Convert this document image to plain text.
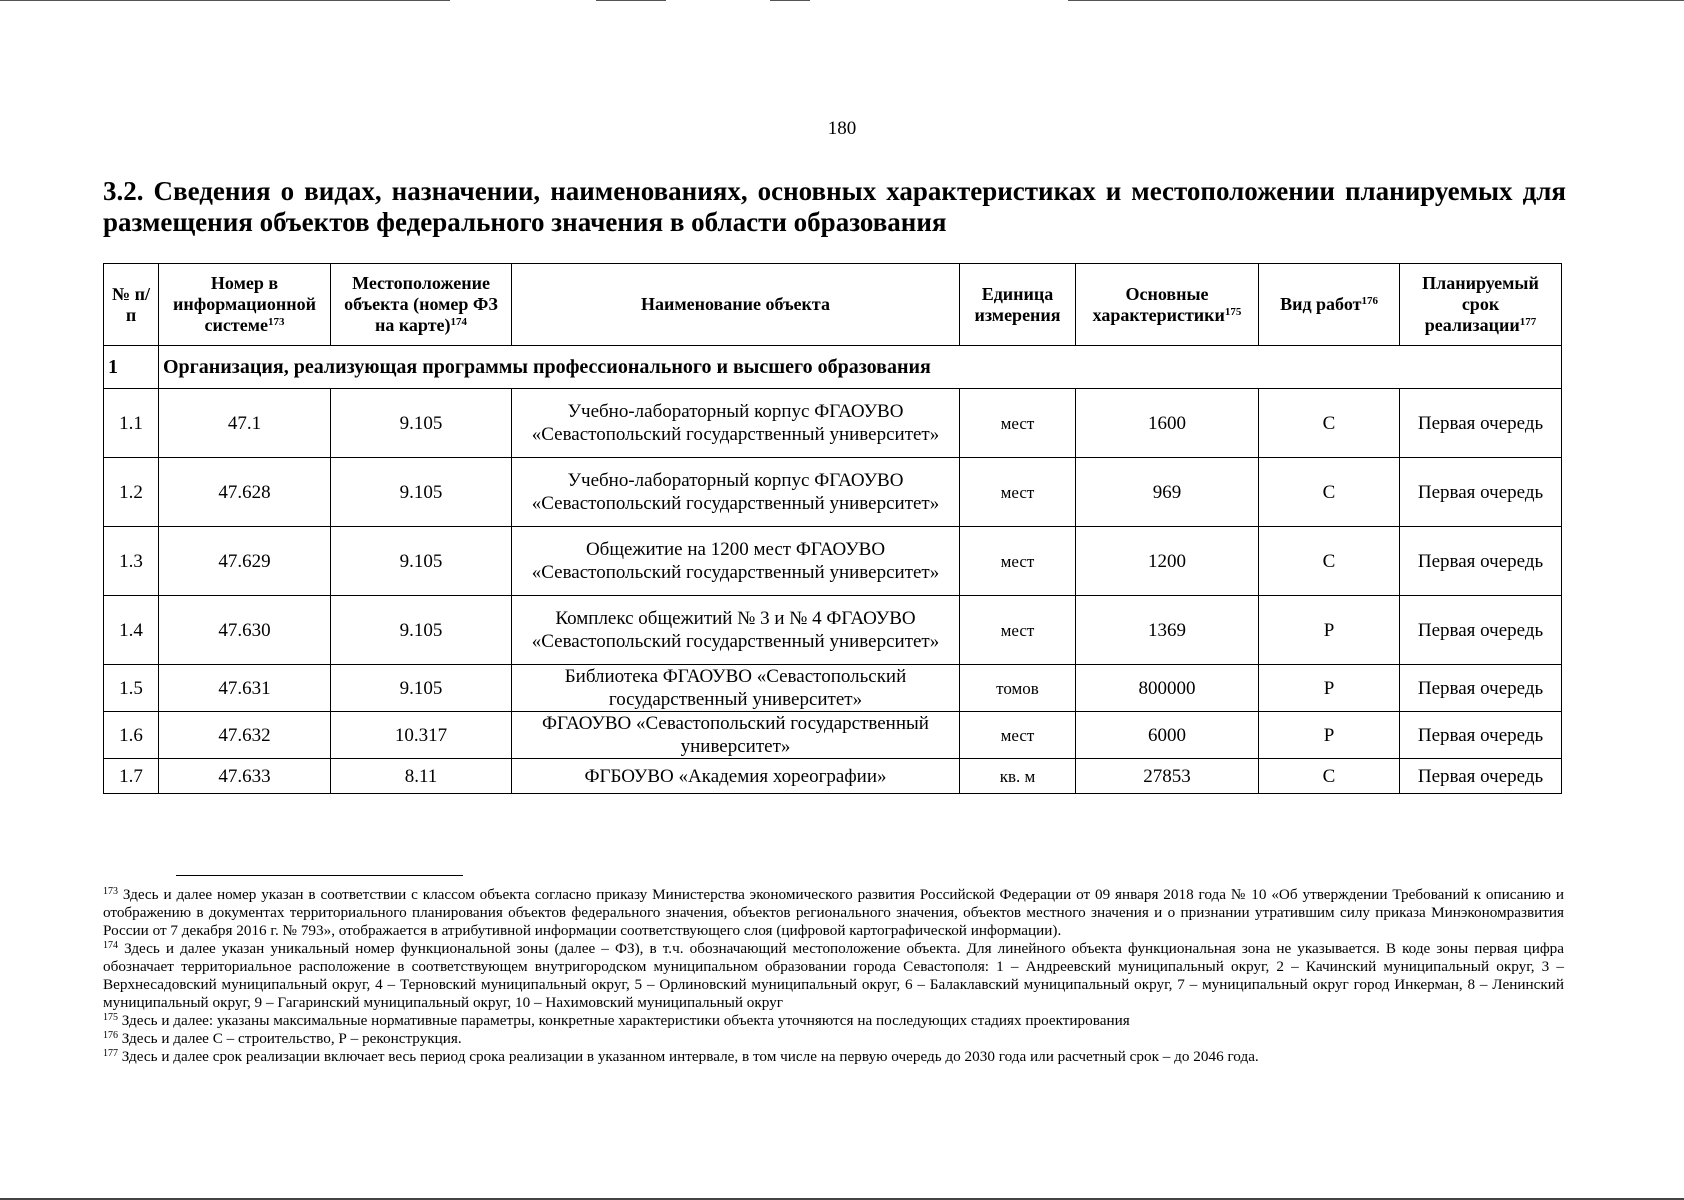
180
3.2. Сведения о видах, назначении, наименованиях, основных характеристиках и местоположении планируемых для размещения объектов федерального значения в области образования
№ п/п	Номер в информационной системе$^{173}$	Местоположение объекта (номер ФЗ на карте)$^{174}$	Наименование объекта	Единица измерения	Основные характеристики$^{175}$	Вид работ$^{176}$	Планируемый срок реализации$^{177}$
1	Организация, реализующая программы профессионального и высшего образования						
1.1	47.1	9.105	Учебно-лабораторный корпус ФГАОУВО «Севастопольский государственный университет»	мест	1600	С	Первая очередь
1.2	47.628	9.105	Учебно-лабораторный корпус ФГАОУВО «Севастопольский государственный университет»	мест	969	С	Первая очередь
1.3	47.629	9.105	Общежитие на 1200 мест ФГАОУВО «Севастопольский государственный университет»	мест	1200	С	Первая очередь
1.4	47.630	9.105	Комплекс общежитий № 3 и № 4 ФГАОУВО «Севастопольский государственный университет»	мест	1369	Р	Первая очередь
1.5	47.631	9.105	Библиотека ФГАОУВО «Севастопольский государственный университет»	томов	800000	Р	Первая очередь
1.6	47.632	10.317	ФГАОУВО «Севастопольский государственный университет»	мест	6000	Р	Первая очередь
1.7	47.633	8.11	ФГБОУВО «Академия хореографии»	кв. м	27853	С	Первая очередь

$^{173}$ Здесь и далее номер указан в соответствии с классом объекта согласно приказу Министерства экономического развития Российской Федерации от 09 января 2018 года № 10 «Об утверждении Требований к описанию и отображению в документах территориального планирования объектов федерального значения, объектов регионального значения, объектов местного значения и о признании утратившим силу приказа Минэкономразвития России от 7 декабря 2016 г. № 793», отображается в атрибутивной информации соответствующего слоя (цифровой картографической информации).

$^{174}$ Здесь и далее указан уникальный номер функциональной зоны (далее – ФЗ), в т.ч. обозначающий местоположение объекта. Для линейного объекта функциональная зона не указывается. В коде зоны первая цифра обозначает территориальное расположение в соответствующем внутригородском муниципальном образовании города Севастополя: 1 – Андреевский муниципальный округ, 2 – Качинский муниципальный округ, 3 – Верхнесадовский муниципальный округ, 4 – Терновский муниципальный округ, 5 – Орлиновский муниципальный округ, 6 – Балаклавский муниципальный округ, 7 – муниципальный округ город Инкерман, 8 – Ленинский муниципальный округ, 9 – Гагаринский муниципальный округ, 10 – Нахимовский муниципальный округ

$^{175}$ Здесь и далее: указаны максимальные нормативные параметры, конкретные характеристики объекта уточняются на последующих стадиях проектирования

$^{176}$ Здесь и далее С – строительство, Р – реконструкция.

$^{177}$ Здесь и далее срок реализации включает весь период срока реализации в указанном интервале, в том числе на первую очередь до 2030 года или расчетный срок – до 2046 года.
